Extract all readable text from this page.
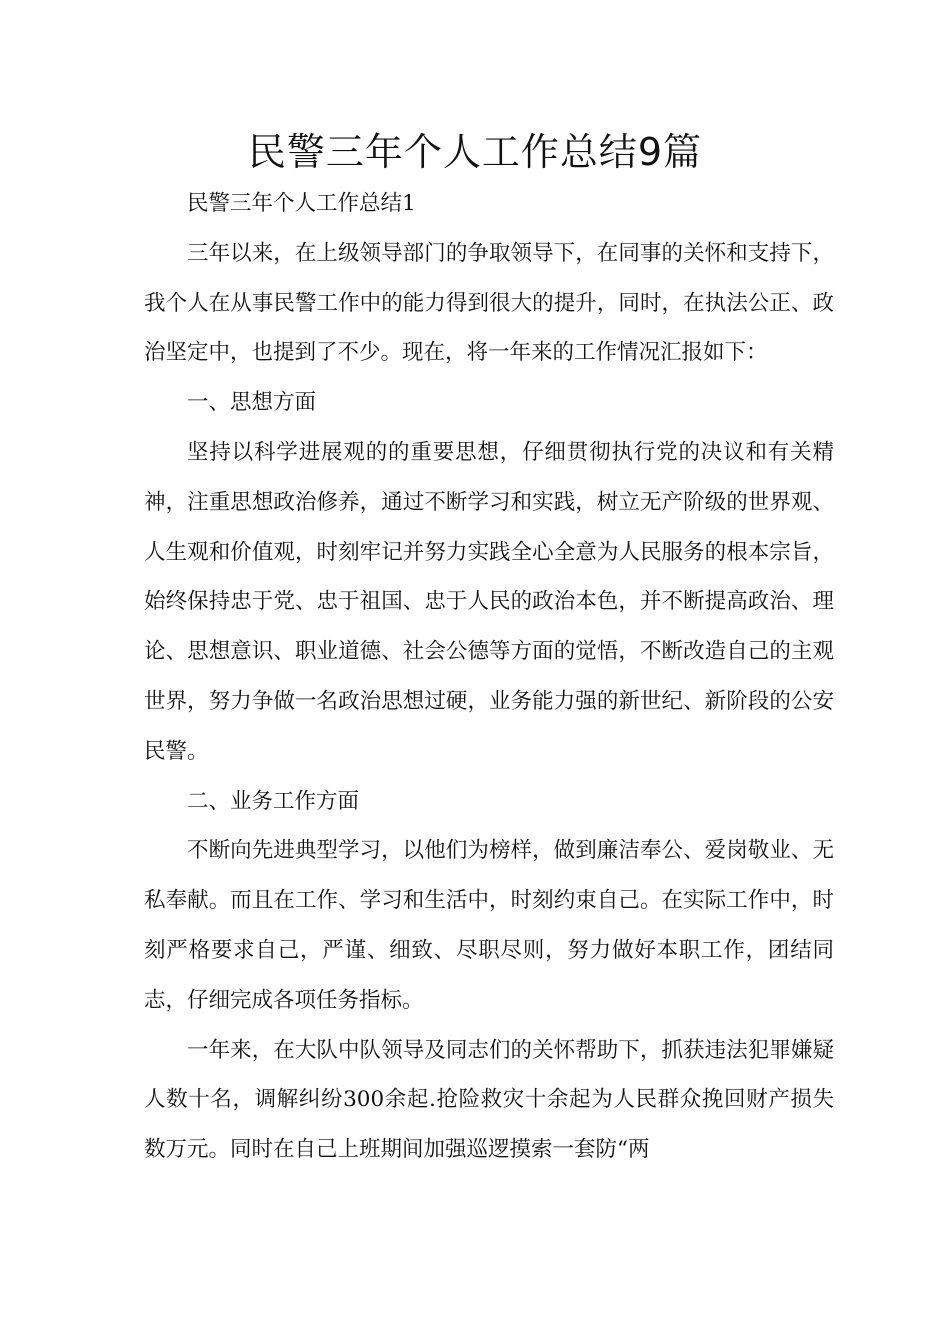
民警三年个人工作总结9篇

民警三年个人工作总结1

三年以来，在上级领导部门的争取领导下，在同事的关怀和支持下，我个人在从事民警工作中的能力得到很大的提升，同时，在执法公正、政治坚定中，也提到了不少。现在，将一年来的工作情况汇报如下：

一、思想方面

坚持以科学进展观的的重要思想，仔细贯彻执行党的决议和有关精神，注重思想政治修养，通过不断学习和实践，树立无产阶级的世界观、人生观和价值观，时刻牢记并努力实践全心全意为人民服务的根本宗旨，始终保持忠于党、忠于祖国、忠于人民的政治本色，并不断提高政治、理论、思想意识、职业道德、社会公德等方面的觉悟，不断改造自己的主观世界，努力争做一名政治思想过硬，业务能力强的新世纪、新阶段的公安民警。

二、业务工作方面

不断向先进典型学习，以他们为榜样，做到廉洁奉公、爱岗敬业、无私奉献。而且在工作、学习和生活中，时刻约束自己。在实际工作中，时刻严格要求自己，严谨、细致、尽职尽则，努力做好本职工作，团结同志，仔细完成各项任务指标。

一年来，在大队中队领导及同志们的关怀帮助下，抓获违法犯罪嫌疑人数十名，调解纠纷300余起.抢险救灾十余起为人民群众挽回财产损失数万元。同时在自己上班期间加强巡逻摸索一套防“两
